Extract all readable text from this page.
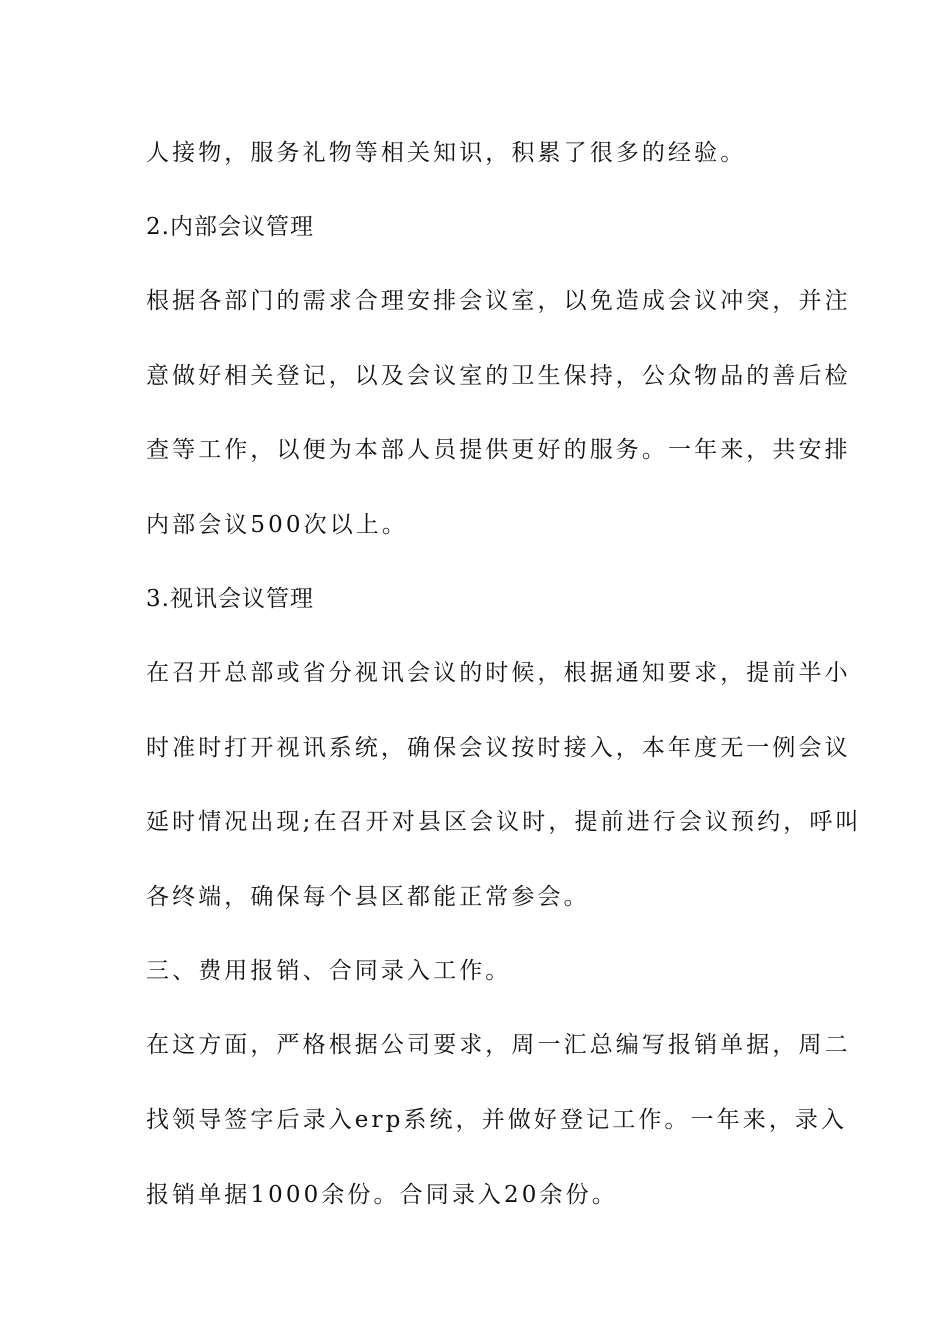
人接物，服务礼物等相关知识，积累了很多的经验。
2.内部会议管理
根据各部门的需求合理安排会议室，以免造成会议冲突，并注
意做好相关登记，以及会议室的卫生保持，公众物品的善后检
查等工作，以便为本部人员提供更好的服务。一年来，共安排
内部会议500次以上。
3.视讯会议管理
在召开总部或省分视讯会议的时候，根据通知要求，提前半小
时准时打开视讯系统，确保会议按时接入，本年度无一例会议
延时情况出现;在召开对县区会议时，提前进行会议预约，呼叫
各终端，确保每个县区都能正常参会。
三、费用报销、合同录入工作。
在这方面，严格根据公司要求，周一汇总编写报销单据，周二
找领导签字后录入erp系统，并做好登记工作。一年来，录入
报销单据1000余份。合同录入20余份。
